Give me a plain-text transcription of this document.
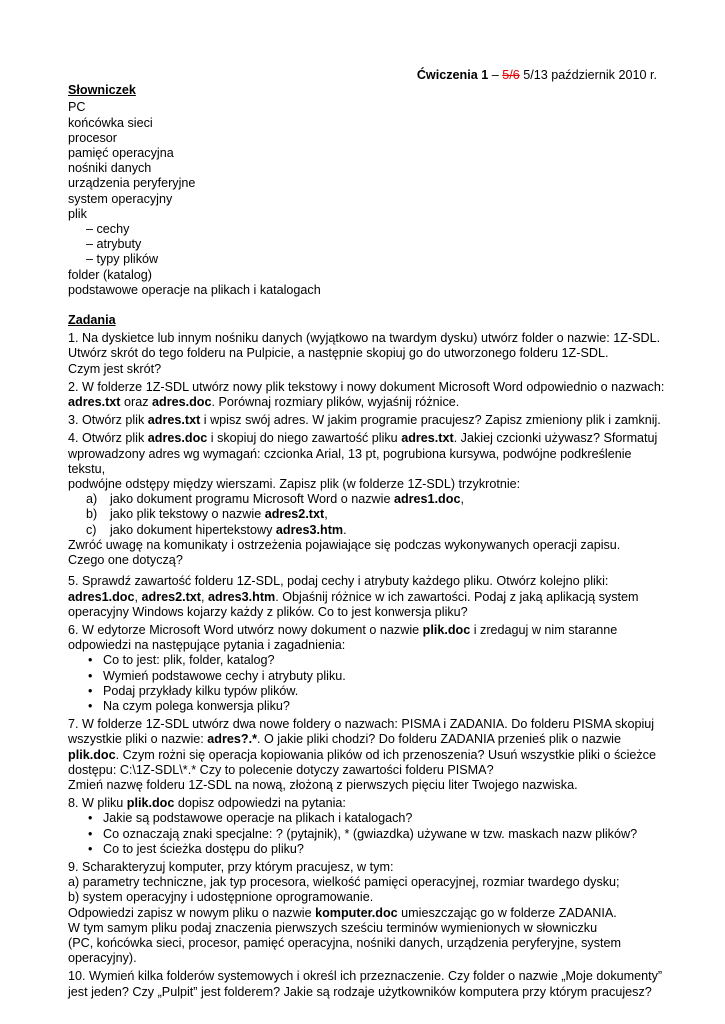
Ćwiczenia 1 – 5/6 5/13 październik 2010 r.
Słowniczek
PC
końcówka sieci
procesor
pamięć operacyjna
nośniki danych
urządzenia peryferyjne
system operacyjny
plik
– cechy
– atrybuty
– typy plików
folder (katalog)
podstawowe operacje na plikach i katalogach
Zadania
1. Na dyskietce lub innym nośniku danych (wyjątkowo na twardym dysku) utwórz folder o nazwie: 1Z-SDL.
Utwórz skrót do tego folderu na Pulpicie, a następnie skopiuj go do utworzonego folderu 1Z-SDL.
Czym jest skrót?
2. W folderze 1Z-SDL utwórz nowy plik tekstowy i nowy dokument Microsoft Word odpowiednio o nazwach:
adres.txt oraz adres.doc. Porównaj rozmiary plików, wyjaśnij różnice.
3. Otwórz plik adres.txt i wpisz swój adres. W jakim programie pracujesz? Zapisz zmieniony plik i zamknij.
4. Otwórz plik adres.doc i skopiuj do niego zawartość pliku adres.txt. Jakiej czcionki używasz? Sformatuj
wprowadzony adres wg wymagań: czcionka Arial, 13 pt, pogrubiona kursywa, podwójne podkreślenie tekstu,
podwójne odstępy między wierszami. Zapisz plik (w folderze 1Z-SDL) trzykrotnie:
a)	jako dokument programu Microsoft Word o nazwie adres1.doc,
b)	jako plik tekstowy o nazwie adres2.txt,
c)	jako dokument hipertekstowy adres3.htm.
Zwróć uwagę na komunikaty i ostrzeżenia pojawiające się podczas wykonywanych operacji zapisu.
Czego one dotyczą?
5. Sprawdź zawartość folderu 1Z-SDL, podaj cechy i atrybuty każdego pliku. Otwórz kolejno pliki:
adres1.doc, adres2.txt, adres3.htm. Objaśnij różnice w ich zawartości. Podaj z jaką aplikacją system
operacyjny Windows kojarzy każdy z plików. Co to jest konwersja pliku?
6. W edytorze Microsoft Word utwórz nowy dokument o nazwie plik.doc i zredaguj w nim staranne
odpowiedzi na następujące pytania i zagadnienia:
• Co to jest: plik, folder, katalog?
• Wymień podstawowe cechy i atrybuty pliku.
• Podaj przykłady kilku typów plików.
• Na czym polega konwersja pliku?
7. W folderze 1Z-SDL utwórz dwa nowe foldery o nazwach: PISMA i ZADANIA. Do folderu PISMA skopiuj
wszystkie pliki o nazwie: adres?.*. O jakie pliki chodzi? Do folderu ZADANIA przenieś plik o nazwie
plik.doc. Czym rożni się operacja kopiowania plików od ich przenoszenia? Usuń wszystkie pliki o ścieżce
dostępu: C:\1Z-SDL\*.* Czy to polecenie dotyczy zawartości folderu PISMA?
Zmień nazwę folderu 1Z-SDL na nową, złożoną z pierwszych pięciu liter Twojego nazwiska.
8. W pliku plik.doc dopisz odpowiedzi na pytania:
• Jakie są podstawowe operacje na plikach i katalogach?
• Co oznaczają znaki specjalne: ? (pytajnik), * (gwiazdka) używane w tzw. maskach nazw plików?
• Co to jest ścieżka dostępu do pliku?
9. Scharakteryzuj komputer, przy którym pracujesz, w tym:
a) parametry techniczne, jak typ procesora, wielkość pamięci operacyjnej, rozmiar twardego dysku;
b) system operacyjny i udostępnione oprogramowanie.
Odpowiedzi zapisz w nowym pliku o nazwie komputer.doc umieszczając go w folderze ZADANIA.
W tym samym pliku podaj znaczenia pierwszych sześciu terminów wymienionych w słowniczku
(PC, końcówka sieci, procesor, pamięć operacyjna, nośniki danych, urządzenia peryferyjne, system
operacyjny).
10. Wymień kilka folderów systemowych i określ ich przeznaczenie. Czy folder o nazwie „Moje dokumenty”
jest jeden? Czy „Pulpit” jest folderem? Jakie są rodzaje użytkowników komputera przy którym pracujesz?
